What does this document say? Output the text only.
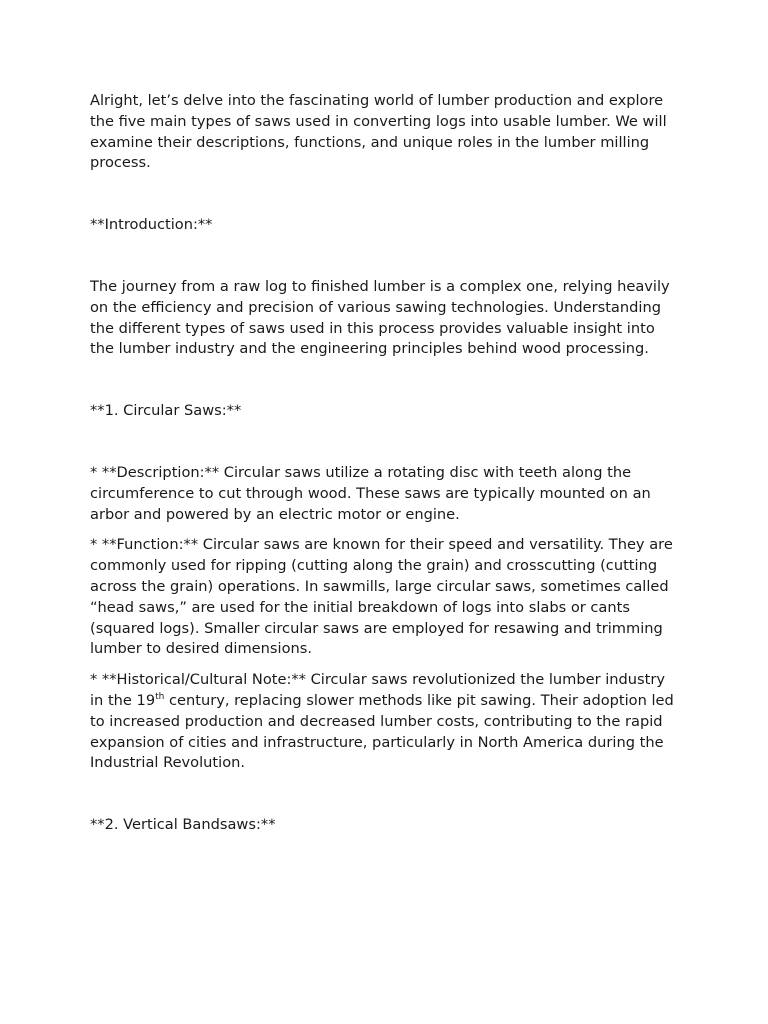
Alright, let’s delve into the fascinating world of lumber production and explore the five main types of saws used in converting logs into usable lumber. We will examine their descriptions, functions, and unique roles in the lumber milling process.

**Introduction:**

The journey from a raw log to finished lumber is a complex one, relying heavily on the efficiency and precision of various sawing technologies. Understanding the different types of saws used in this process provides valuable insight into the lumber industry and the engineering principles behind wood processing.

**1. Circular Saws:**

* **Description:** Circular saws utilize a rotating disc with teeth along the circumference to cut through wood. These saws are typically mounted on an arbor and powered by an electric motor or engine.

* **Function:** Circular saws are known for their speed and versatility. They are commonly used for ripping (cutting along the grain) and crosscutting (cutting across the grain) operations. In sawmills, large circular saws, sometimes called “head saws,” are used for the initial breakdown of logs into slabs or cants (squared logs). Smaller circular saws are employed for resawing and trimming lumber to desired dimensions.

* **Historical/Cultural Note:** Circular saws revolutionized the lumber industry in the 19th century, replacing slower methods like pit sawing. Their adoption led to increased production and decreased lumber costs, contributing to the rapid expansion of cities and infrastructure, particularly in North America during the Industrial Revolution.

**2. Vertical Bandsaws:**
